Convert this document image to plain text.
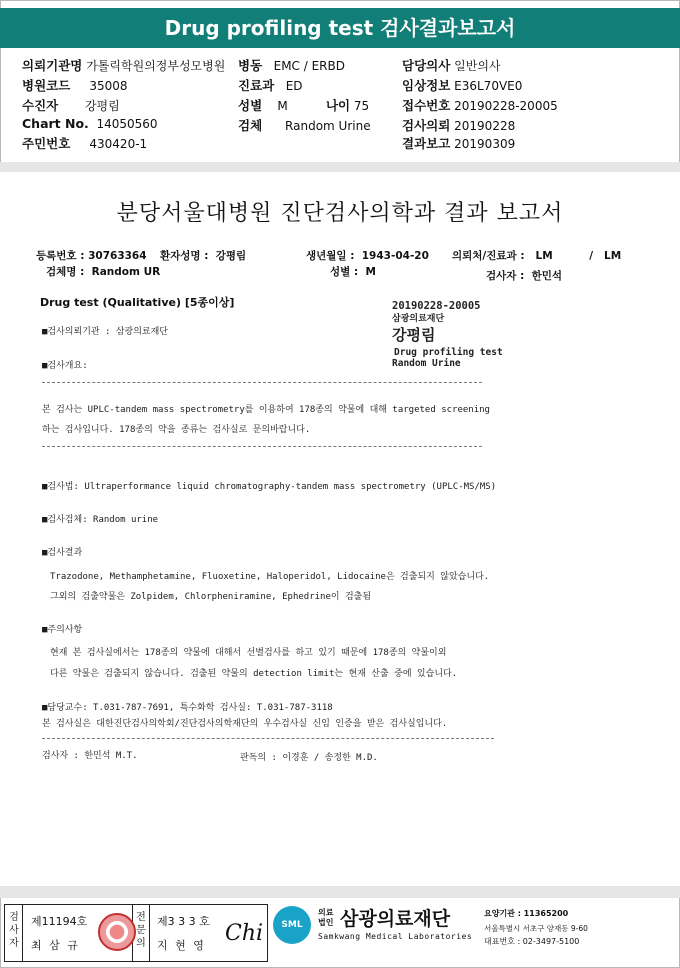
Drug profiling test 검사결과보고서
의뢰기관명 가톨릭학원의정부성모병원 병동 EMC / ERBD	담당의사 일반의사
병원코드 35008	진료과 ED	임상정보 E36L70VE0
수진자 강평림	성별 M	나이 75	접수번호 20190228-20005
Chart No. 14050560	검체 Random Urine	검사의뢰 20190228
주민번호 430420-1	결과보고 20190309
분당서울대병원 진단검사의학과 결과 보고서
등록번호 : 30763364 환자성명 : 강평림	생년월일 : 1943-04-20 의뢰처/진료과 : LM	/ LM
검체명 : Random UR	성별 : M	검사자 : 한민석
Drug test (Qualitative) [5종이상]	20190228-20005
삼광의료재단
강평림
Drug profiling test
Random Urine
■검사의뢰기관 : 삼광의료재단
■검사개요:
본 검사는 UPLC-tandem mass spectrometry를 이용하여 178종의 약물에 대해 targeted screening
하는 검사입니다. 178종의 약을 종류는 검사실로 문의바랍니다.
■검사법: Ultraperformance liquid chromatography-tandem mass spectrometry (UPLC-MS/MS)
■검사검체: Random urine
■검사결과
Trazodone, Methamphetamine, Fluoxetine, Haloperidol, Lidocaine은 검출되지 않았습니다.
그외의 검출약물은 Zolpidem, Chlorpheniramine, Ephedrine이 검출됨
■주의사항
현재 본 검사실에서는 178종의 약물에 대해서 선별검사를 하고 있기 때문에 178종의 약물이외
다른 약물은 검출되지 않습니다. 검출된 약물의 detection limit는 현재 산출 중에 있습니다.
■담당교수: T.031-787-7691, 특수화학 검사실: T.031-787-3118
본 검사실은 대한진단검사의학회/진단검사의학재단의 우수검사실 신임 인증을 받은 검사실입니다.
검사자 : 한민석 M.T.	판독의 : 이경훈 / 송정한 M.D.
검
사
자
제11194호
최 삼 규
전
문
의
제3 3 3 호
지 현 영 Chi	SML
의료
법인 삼광의료재단
Samkwang Medical Laboratories
요양기관 : 11365200
서울특별시 서초구 양재동 9-60
대표번호 : 02-3497-5100
